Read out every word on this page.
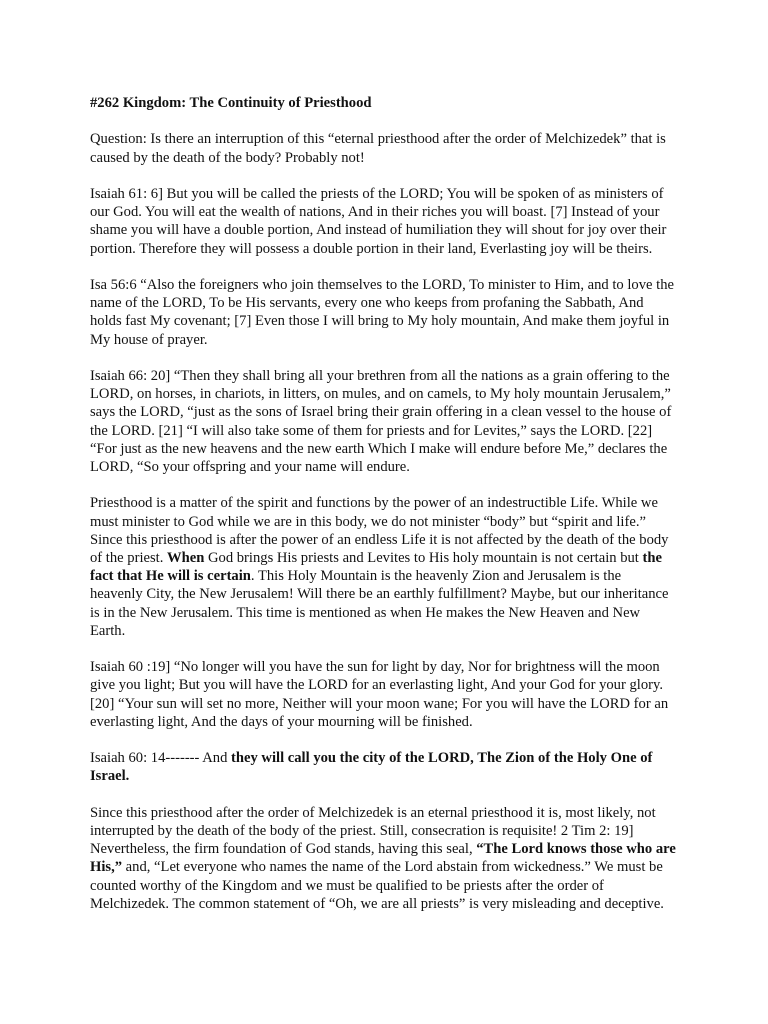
#262 Kingdom: The Continuity of Priesthood

Question: Is there an interruption of this “eternal priesthood after the order of Melchizedek” that is caused by the death of the body? Probably not!

Isaiah 61: 6] But you will be called the priests of the LORD; You will be spoken of as ministers of our God. You will eat the wealth of nations, And in their riches you will boast. [7] Instead of your shame you will have a double portion, And instead of humiliation they will shout for joy over their portion. Therefore they will possess a double portion in their land, Everlasting joy will be theirs.

Isa 56:6 “Also the foreigners who join themselves to the LORD, To minister to Him, and to love the name of the LORD, To be His servants, every one who keeps from profaning the Sabbath, And holds fast My covenant; [7] Even those I will bring to My holy mountain, And make them joyful in My house of prayer.

Isaiah 66: 20] “Then they shall bring all your brethren from all the nations as a grain offering to the LORD, on horses, in chariots, in litters, on mules, and on camels, to My holy mountain Jerusalem,” says the LORD, “just as the sons of Israel bring their grain offering in a clean vessel to the house of the LORD. [21] “I will also take some of them for priests and for Levites,” says the LORD. [22] “For just as the new heavens and the new earth Which I make will endure before Me,” declares the LORD, “So your offspring and your name will endure.

Priesthood is a matter of the spirit and functions by the power of an indestructible Life. While we must minister to God while we are in this body, we do not minister “body” but “spirit and life.” Since this priesthood is after the power of an endless Life it is not affected by the death of the body of the priest. When God brings His priests and Levites to His holy mountain is not certain but the fact that He will is certain. This Holy Mountain is the heavenly Zion and Jerusalem is the heavenly City, the New Jerusalem! Will there be an earthly fulfillment? Maybe, but our inheritance is in the New Jerusalem. This time is mentioned as when He makes the New Heaven and New Earth.

Isaiah 60 :19] “No longer will you have the sun for light by day, Nor for brightness will the moon give you light; But you will have the LORD for an everlasting light, And your God for your glory. [20] “Your sun will set no more, Neither will your moon wane; For you will have the LORD for an everlasting light, And the days of your mourning will be finished.

Isaiah 60: 14------- And they will call you the city of the LORD, The Zion of the Holy One of Israel.

Since this priesthood after the order of Melchizedek is an eternal priesthood it is, most likely, not interrupted by the death of the body of the priest. Still, consecration is requisite! 2 Tim 2: 19] Nevertheless, the firm foundation of God stands, having this seal, “The Lord knows those who are His,” and, “Let everyone who names the name of the Lord abstain from wickedness.” We must be counted worthy of the Kingdom and we must be qualified to be priests after the order of Melchizedek. The common statement of “Oh, we are all priests” is very misleading and deceptive.
